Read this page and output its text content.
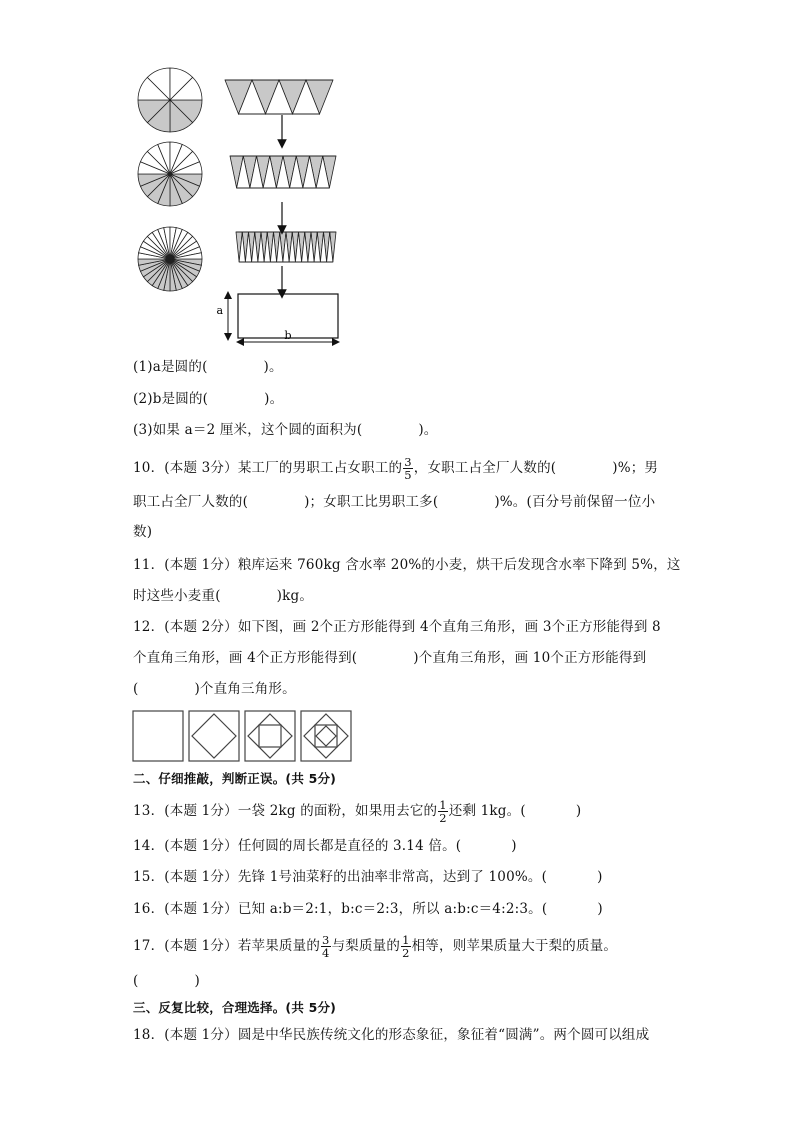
a
b
(1)a是圆的(	)。
(2)b是圆的(	)。
(3)如果 a＝2 厘米，这个圆的面积为(	)。
10．(本题 3分）某工厂的男职工占女职工的 $\frac{3}{5}$ ，女职工占全厂人数的(	)%；男
职工占全厂人数的(	)；女职工比男职工多(	)%。(百分号前保留一位小
数)
11．(本题 1分）粮库运来 760kg 含水率 20%的小麦，烘干后发现含水率下降到 5%，这
时这些小麦重(	)kg。
12．(本题 2分）如下图，画 2个正方形能得到 4个直角三角形，画 3个正方形能得到 8
个直角三角形，画 4个正方形能得到(	)个直角三角形，画 10个正方形能得到
(	)个直角三角形。
二、仔细推敲，判断正误。(共 5分)
13．(本题 1分）一袋 2kg 的面粉，如果用去它的 $\frac{1}{2}$ 还剩 1kg。(	)
14．(本题 1分）任何圆的周长都是直径的 3.14 倍。(	)
15．(本题 1分）先锋 1号油菜籽的出油率非常高，达到了 100%。(	)
16．(本题 1分）已知 a:b＝2:1，b:c＝2:3，所以 a:b:c＝4:2:3。(	)
17．(本题 1分）若苹果质量的 $\frac{3}{4}$ 与梨质量的 $\frac{1}{2}$ 相等，则苹果质量大于梨的质量。
(	)
三、反复比较，合理选择。(共 5分)
18．(本题 1分）圆是中华民族传统文化的形态象征，象征着“圆满”。两个圆可以组成
